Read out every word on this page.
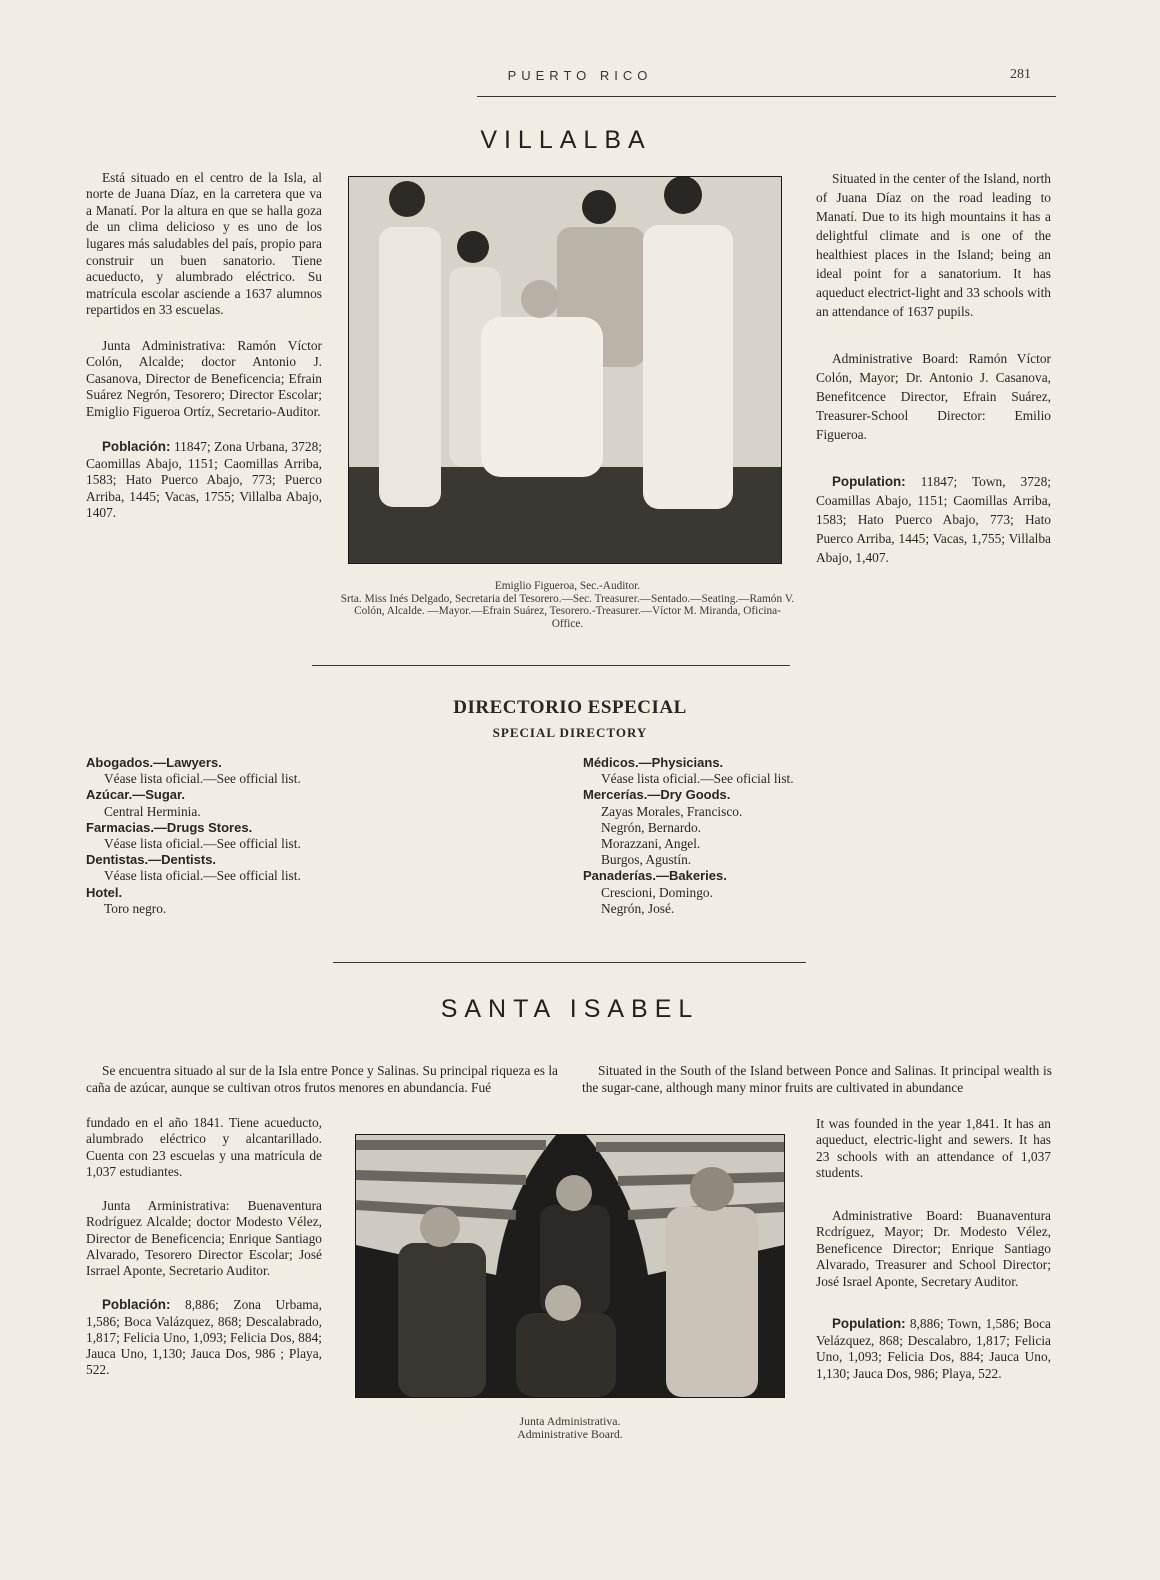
PUERTO RICO	281
VILLALBA

Está situado en el centro de la Isla, al norte de Juana Díaz, en la carretera que va a Manatí. Por la altura en que se halla goza de un clima delicioso y es uno de los lugares más saludables del país, propio para construir un buen sanatorio. Tiene acueducto, y alumbrado eléctrico. Su matrícula escolar asciende a 1637 alumnos repartidos en 33 escuelas.

Junta Administrativa: Ramón Víctor Colón, Alcalde; doctor Antonio J. Casanova, Director de Beneficencia; Efrain Suárez Negrón, Tesorero; Director Escolar; Emiglio Figueroa Ortíz, Secretario-Auditor.

Población: 11847; Zona Urbana, 3728; Caomillas Abajo, 1151; Caomillas Arriba, 1583; Hato Puerco Abajo, 773; Puerco Arriba, 1445; Vacas, 1755; Villalba Abajo, 1407.

Emiglio Figueroa, Sec.-Auditor.
Srta. Miss Inés Delgado, Secretaria del Tesorero.—Sec. Treasurer.—Sentado.—Seating.—Ramón V. Colón, Alcalde. —Mayor.—Efrain Suárez, Tesorero.-Treasurer.—Víctor M. Miranda, Oficina-Office.

Situated in the center of the Island, north of Juana Díaz on the road leading to Manatí. Due to its high mountains it has a delightful climate and is one of the healthiest places in the Island; being an ideal point for a sanatorium. It has aqueduct electrict-light and 33 schools with an attendance of 1637 pupils.

Administrative Board: Ramón Víctor Colón, Mayor; Dr. Antonio J. Casanova, Benefitcence Director, Efrain Suárez, Treasurer-School Director: Emilio Figueroa.

Population: 11847; Town, 3728; Coamillas Abajo, 1151; Caomillas Arriba, 1583; Hato Puerco Abajo, 773; Hato Puerco Arriba, 1445; Vacas, 1,755; Villalba Abajo, 1,407.

DIRECTORIO ESPECIAL
SPECIAL DIRECTORY
Abogados.—Lawyers.
Véase lista oficial.—See official list.
Azúcar.—Sugar.
Central Herminia.
Farmacias.—Drugs Stores.
Véase lista oficial.—See official list.
Dentistas.—Dentists.
Véase lista oficial.—See official list.
Hotel.
Toro negro.
Médicos.—Physicians.
Véase lista oficial.—See oficial list.
Mercerías.—Dry Goods.
Zayas Morales, Francisco.
Negrón, Bernardo.
Morazzani, Angel.
Burgos, Agustín.
Panaderías.—Bakeries.
Crescioni, Domingo.
Negrón, José.
SANTA ISABEL

Se encuentra situado al sur de la Isla entre Ponce y Salinas. Su principal riqueza es la caña de azúcar, aunque se cultivan otros frutos menores en abundancia. Fué

Situated in the South of the Island between Ponce and Salinas. It principal wealth is the sugar-cane, although many minor fruits are cultivated in abundance

fundado en el año 1841. Tiene acueducto, alumbrado eléctrico y alcantarillado. Cuenta con 23 escuelas y una matrícula de 1,037 estudiantes.

Junta Arministrativa: Buenaventura Rodríguez Alcalde; doctor Modesto Vélez, Director de Beneficencia; Enrique Santiago Alvarado, Tesorero Director Escolar; José Isrrael Aponte, Secretario Auditor.

Población: 8,886; Zona Urbama, 1,586; Boca Valázquez, 868; Descalabrado, 1,817; Felicia Uno, 1,093; Felicia Dos, 884; Jauca Uno, 1,130; Jauca Dos, 986 ; Playa, 522.

Junta Administrativa.
Administrative Board.

It was founded in the year 1,841. It has an aqueduct, electric-light and sewers. It has 23 schools with an attendance of 1,037 students.

Administrative Board: Buanaventura Rcdríguez, Mayor; Dr. Modesto Vélez, Beneficence Director; Enrique Santiago Alvarado, Treasurer and School Director; José Israel Aponte, Secretary Auditor.

Population: 8,886; Town, 1,586; Boca Velázquez, 868; Descalabro, 1,817; Felicia Uno, 1,093; Felicia Dos, 884; Jauca Uno, 1,130; Jauca Dos, 986; Playa, 522.
